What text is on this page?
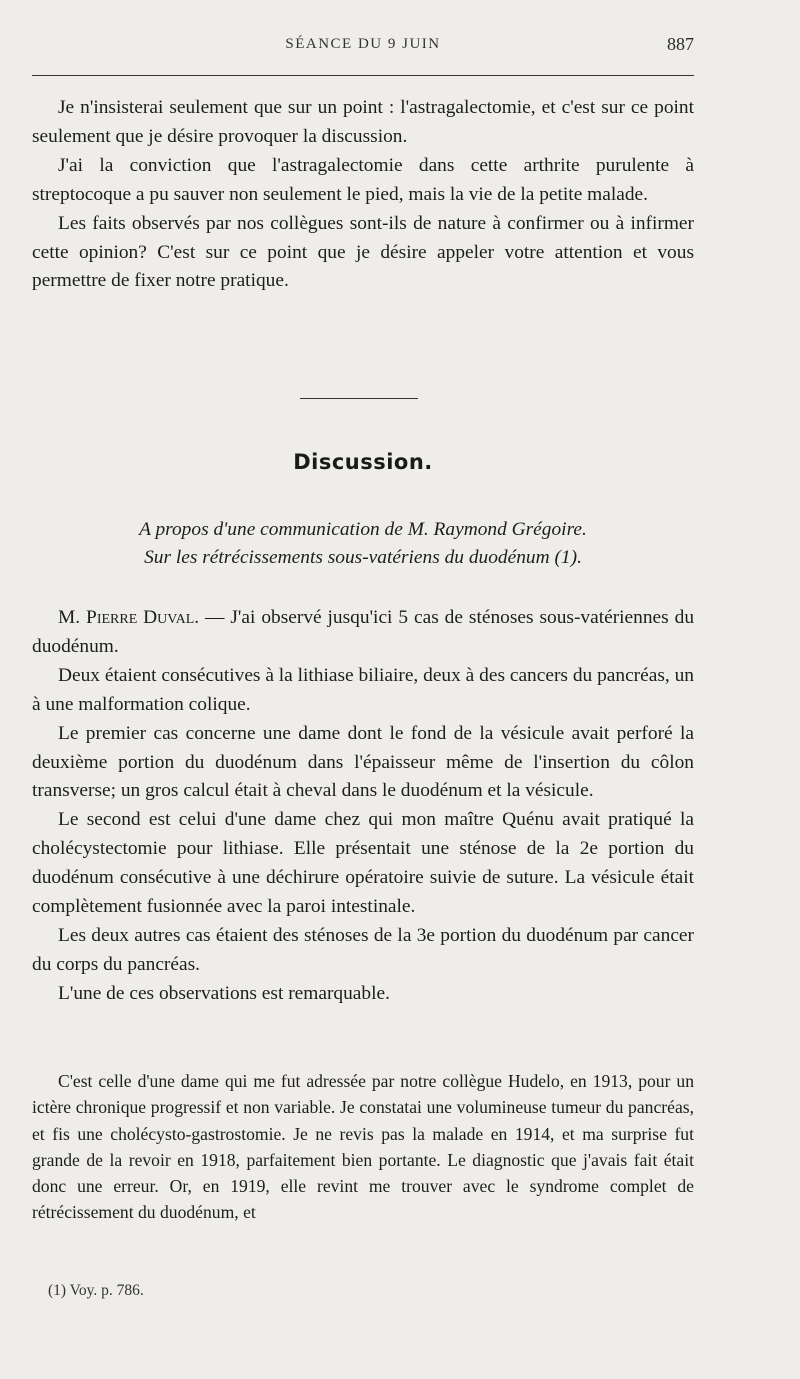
SÉANCE DU 9 JUIN	887

Je n'insisterai seulement que sur un point : l'astragalectomie, et c'est sur ce point seulement que je désire provoquer la discussion.

J'ai la conviction que l'astragalectomie dans cette arthrite purulente à streptocoque a pu sauver non seulement le pied, mais la vie de la petite malade.

Les faits observés par nos collègues sont-ils de nature à confirmer ou à infirmer cette opinion? C'est sur ce point que je désire appeler votre attention et vous permettre de fixer notre pratique.

Discussion.
A propos d'une communication de M. Raymond Grégoire.
Sur les rétrécissements sous-vatériens du duodénum (1).

M. Pierre Duval. — J'ai observé jusqu'ici 5 cas de sténoses sous-vatériennes du duodénum.

Deux étaient consécutives à la lithiase biliaire, deux à des cancers du pancréas, un à une malformation colique.

Le premier cas concerne une dame dont le fond de la vésicule avait perforé la deuxième portion du duodénum dans l'épaisseur même de l'insertion du côlon transverse; un gros calcul était à cheval dans le duodénum et la vésicule.

Le second est celui d'une dame chez qui mon maître Quénu avait pratiqué la cholécystectomie pour lithiase. Elle présentait une sténose de la 2e portion du duodénum consécutive à une déchirure opératoire suivie de suture. La vésicule était complètement fusionnée avec la paroi intestinale.

Les deux autres cas étaient des sténoses de la 3e portion du duodénum par cancer du corps du pancréas.

L'une de ces observations est remarquable.

C'est celle d'une dame qui me fut adressée par notre collègue Hudelo, en 1913, pour un ictère chronique progressif et non variable. Je constatai une volumineuse tumeur du pancréas, et fis une cholécysto-gastrostomie. Je ne revis pas la malade en 1914, et ma surprise fut grande de la revoir en 1918, parfaitement bien portante. Le diagnostic que j'avais fait était donc une erreur. Or, en 1919, elle revint me trouver avec le syndrome complet de rétrécissement du duodénum, et

(1) Voy. p. 786.
